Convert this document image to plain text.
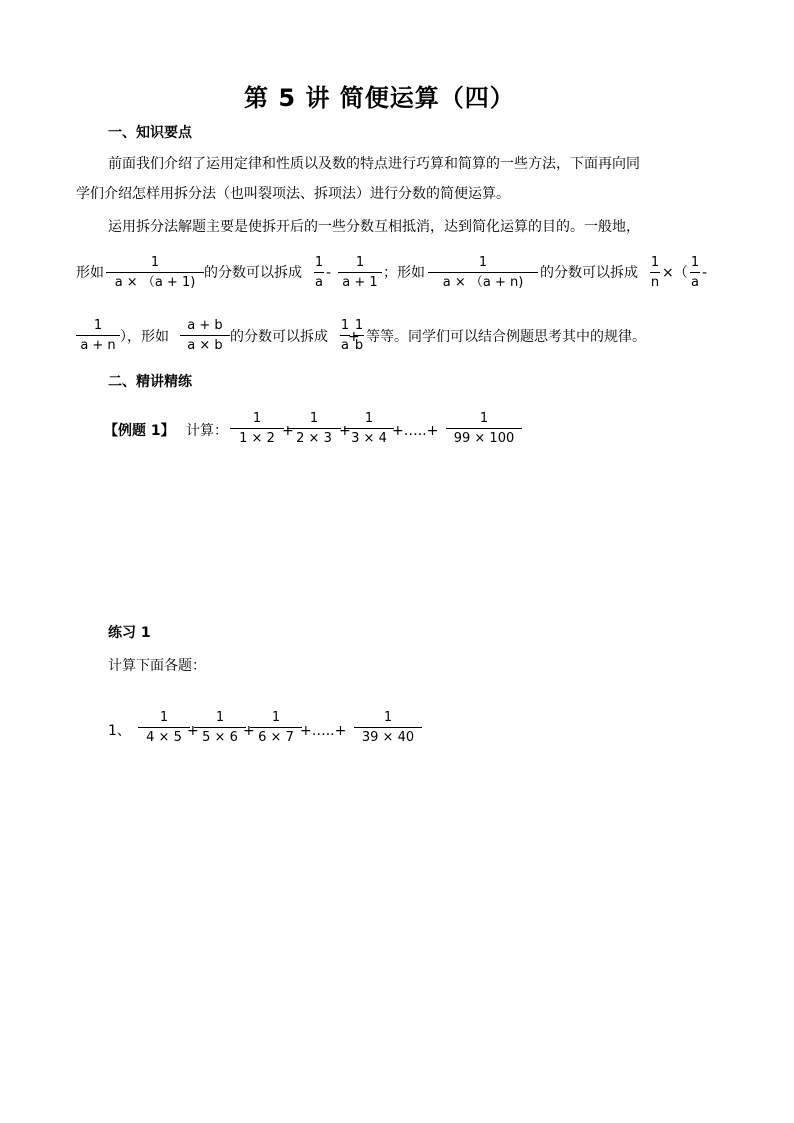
第 5 讲 简便运算（四）
一、知识要点
前面我们介绍了运用定律和性质以及数的特点进行巧算和简算的一些方法，下面再向同
学们介绍怎样用拆分法（也叫裂项法、拆项法）进行分数的简便运算。
运用拆分法解题主要是使拆开后的一些分数互相抵消，达到简化运算的目的。一般地，
形如
1
a × （a + 1)
的分数可以拆成
1
a
-
1
a + 1
；形如
1
a × （a + n)
的分数可以拆成
1
n
×（
1
a
-
1
a + n
），形如
a + b
a × b
的分数可以拆成
1
a
+
1
b
等等。同学们可以结合例题思考其中的规律。
二、精讲精练
【例题 1】 计算：
1
1 × 2 +
1
2 × 3 +
1
3 × 4 +…..+
1
99 × 100
练习 1
计算下面各题：
1、
1
4 × 5 +
1
5 × 6 +
1
6 × 7 +…..+
1
39 × 40
